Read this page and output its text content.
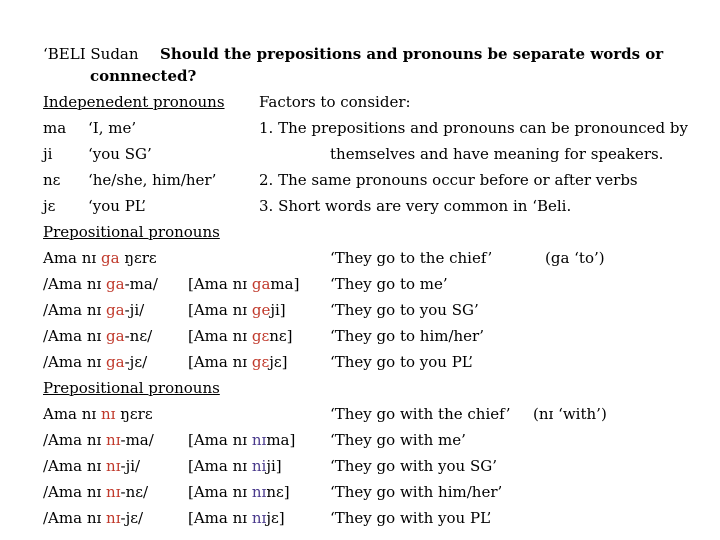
‘BELI Sudan Should the prepositions and pronouns be separate words or
connnected?
Indepenedent pronouns
ma ‘I, me’
ji ‘you SG’
nɛ ‘he/she, him/her’
jɛ ‘you PL’
Factors to consider:
1. The prepositions and pronouns can be pronounced by
themselves and have meaning for speakers.
2. The same pronouns occur before or after verbs
3. Short words are very common in ‘Beli.
Prepositional pronouns
Ama nɪ ga ŋɛrɛ	‘They go to the chief’	(ga ‘to’)
/Ama nɪ ga-ma/ [Ama nɪ gama] ‘They go to me’
/Ama nɪ ga-ji/	[Ama nɪ geji]	‘They go to you SG’
/Ama nɪ ga-nɛ/ [Ama nɪ gɛnɛ] ‘They go to him/her’
/Ama nɪ ga-jɛ/	[Ama nɪ gɛjɛ]	‘They go to you PL’
Prepositional pronouns
Ama nɪ nɪ ŋɛrɛ	‘They go with the chief’ (nɪ ‘with’)
/Ama nɪ nɪ-ma/ [Ama nɪ nɪma] ‘They go with me’
/Ama nɪ nɪ-ji/	[Ama nɪ niji]	‘They go with you SG’
/Ama nɪ nɪ-nɛ/	[Ama nɪ nɪnɛ]	‘They go with him/her’
/Ama nɪ nɪ-jɛ/	[Ama nɪ nɪjɛ]	‘They go with you PL’
